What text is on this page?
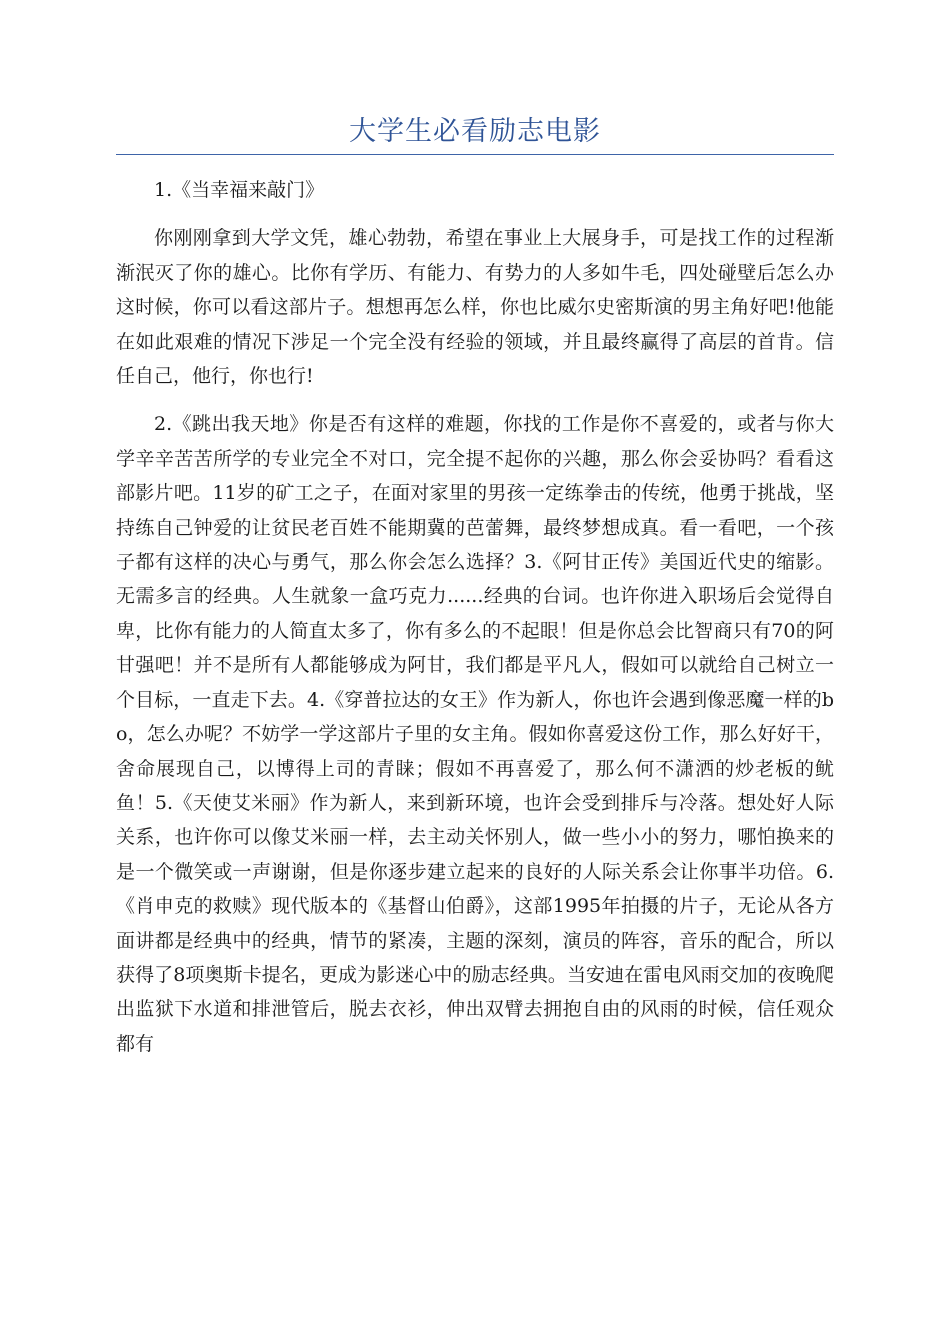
大学生必看励志电影

1.《当幸福来敲门》

你刚刚拿到大学文凭，雄心勃勃，希望在事业上大展身手，可是找工作的过程渐渐泯灭了你的雄心。比你有学历、有能力、有势力的人多如牛毛，四处碰壁后怎么办这时候，你可以看这部片子。想想再怎么样，你也比威尔史密斯演的男主角好吧!他能在如此艰难的情况下涉足一个完全没有经验的领域，并且最终赢得了高层的首肯。信任自己，他行，你也行!

2.《跳出我天地》你是否有这样的难题，你找的工作是你不喜爱的，或者与你大学辛辛苦苦所学的专业完全不对口，完全提不起你的兴趣，那么你会妥协吗？看看这部影片吧。11岁的矿工之子，在面对家里的男孩一定练拳击的传统，他勇于挑战，坚持练自己钟爱的让贫民老百姓不能期冀的芭蕾舞，最终梦想成真。看一看吧，一个孩子都有这样的决心与勇气，那么你会怎么选择？3.《阿甘正传》美国近代史的缩影。无需多言的经典。人生就象一盒巧克力......经典的台词。也许你进入职场后会觉得自卑，比你有能力的人简直太多了，你有多么的不起眼！但是你总会比智商只有70的阿甘强吧！并不是所有人都能够成为阿甘，我们都是平凡人，假如可以就给自己树立一个目标，一直走下去。4.《穿普拉达的女王》作为新人，你也许会遇到像恶魔一样的bo，怎么办呢？不妨学一学这部片子里的女主角。假如你喜爱这份工作，那么好好干，舍命展现自己，以博得上司的青睐；假如不再喜爱了，那么何不潇洒的炒老板的鱿鱼！5.《天使艾米丽》作为新人，来到新环境，也许会受到排斥与冷落。想处好人际关系，也许你可以像艾米丽一样，去主动关怀别人，做一些小小的努力，哪怕换来的是一个微笑或一声谢谢，但是你逐步建立起来的良好的人际关系会让你事半功倍。6.《肖申克的救赎》现代版本的《基督山伯爵》，这部1995年拍摄的片子，无论从各方面讲都是经典中的经典，情节的紧凑，主题的深刻，演员的阵容，音乐的配合，所以获得了8项奥斯卡提名，更成为影迷心中的励志经典。当安迪在雷电风雨交加的夜晚爬出监狱下水道和排泄管后，脱去衣衫，伸出双臂去拥抱自由的风雨的时候，信任观众都有
